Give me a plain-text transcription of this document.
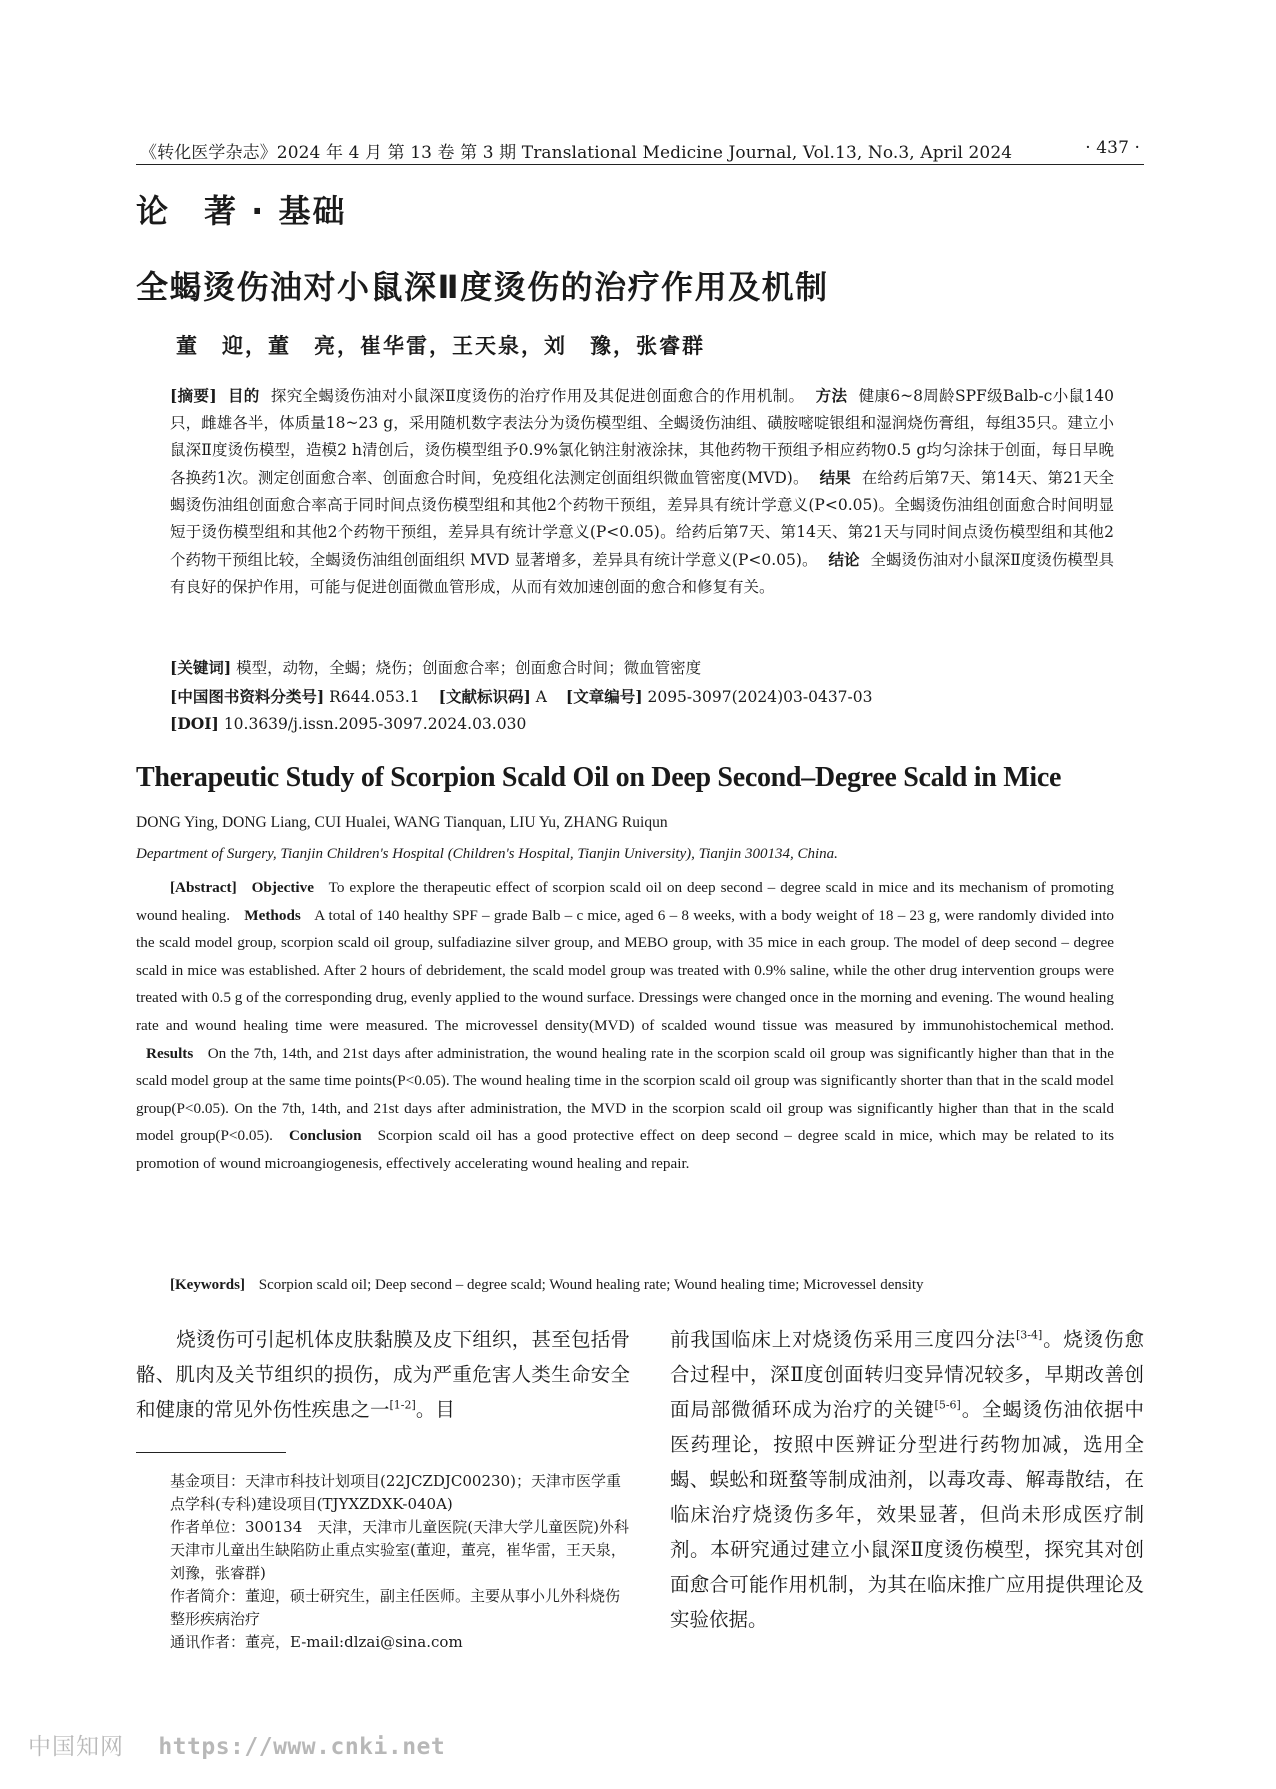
《转化医学杂志》2024 年 4 月 第 13 卷 第 3 期 Translational Medicine Journal, Vol.13, No.3, April 2024	· 437 ·
论　著 · 基础
全蝎烫伤油对小鼠深Ⅱ度烫伤的治疗作用及机制
董　迎，董　亮，崔华雷，王天泉，刘　豫，张睿群
[摘要] 目的 探究全蝎烫伤油对小鼠深Ⅱ度烫伤的治疗作用及其促进创面愈合的作用机制。 方法 健康6~8周龄SPF级Balb-c小鼠140只，雌雄各半，体质量18~23 g，采用随机数字表法分为烫伤模型组、全蝎烫伤油组、磺胺嘧啶银组和湿润烧伤膏组，每组35只。建立小鼠深Ⅱ度烫伤模型，造模2 h清创后，烫伤模型组予0.9%氯化钠注射液涂抹，其他药物干预组予相应药物0.5 g均匀涂抹于创面，每日早晚各换药1次。测定创面愈合率、创面愈合时间，免疫组化法测定创面组织微血管密度(MVD)。 结果 在给药后第7天、第14天、第21天全蝎烫伤油组创面愈合率高于同时间点烫伤模型组和其他2个药物干预组，差异具有统计学意义(P<0.05)。全蝎烫伤油组创面愈合时间明显短于烫伤模型组和其他2个药物干预组，差异具有统计学意义(P<0.05)。给药后第7天、第14天、第21天与同时间点烫伤模型组和其他2个药物干预组比较，全蝎烫伤油组创面组织 MVD 显著增多，差异具有统计学意义(P<0.05)。 结论 全蝎烫伤油对小鼠深Ⅱ度烫伤模型具有良好的保护作用，可能与促进创面微血管形成，从而有效加速创面的愈合和修复有关。
[关键词] 模型，动物，全蝎；烧伤；创面愈合率；创面愈合时间；微血管密度
[中国图书资料分类号] R644.053.1 [文献标识码] A [文章编号] 2095-3097(2024)03-0437-03
[DOI] 10.3639/j.issn.2095-3097.2024.03.030
Therapeutic Study of Scorpion Scald Oil on Deep Second–Degree Scald in Mice
DONG Ying, DONG Liang, CUI Hualei, WANG Tianquan, LIU Yu, ZHANG Ruiqun
Department of Surgery, Tianjin Children's Hospital (Children's Hospital, Tianjin University), Tianjin 300134, China.
[Abstract] Objective To explore the therapeutic effect of scorpion scald oil on deep second – degree scald in mice and its mechanism of promoting wound healing. Methods A total of 140 healthy SPF – grade Balb – c mice, aged 6 – 8 weeks, with a body weight of 18 – 23 g, were randomly divided into the scald model group, scorpion scald oil group, sulfadiazine silver group, and MEBO group, with 35 mice in each group. The model of deep second – degree scald in mice was established. After 2 hours of debridement, the scald model group was treated with 0.9% saline, while the other drug intervention groups were treated with 0.5 g of the corresponding drug, evenly applied to the wound surface. Dressings were changed once in the morning and evening. The wound healing rate and wound healing time were measured. The microvessel density(MVD) of scalded wound tissue was measured by immunohistochemical method. Results On the 7th, 14th, and 21st days after administration, the wound healing rate in the scorpion scald oil group was significantly higher than that in the scald model group at the same time points(P<0.05). The wound healing time in the scorpion scald oil group was significantly shorter than that in the scald model group(P<0.05). On the 7th, 14th, and 21st days after administration, the MVD in the scorpion scald oil group was significantly higher than that in the scald model group(P<0.05). Conclusion Scorpion scald oil has a good protective effect on deep second – degree scald in mice, which may be related to its promotion of wound microangiogenesis, effectively accelerating wound healing and repair.
[Keywords] Scorpion scald oil; Deep second – degree scald; Wound healing rate; Wound healing time; Microvessel density
烧烫伤可引起机体皮肤黏膜及皮下组织，甚至包括骨骼、肌肉及关节组织的损伤，成为严重危害人类生命安全和健康的常见外伤性疾患之一[1-2]。目

基金项目：天津市科技计划项目(22JCZDJC00230)；天津市医学重点学科(专科)建设项目(TJYXZDXK-040A)

作者单位：300134　天津，天津市儿童医院(天津大学儿童医院)外科　天津市儿童出生缺陷防止重点实验室(董迎，董亮，崔华雷，王天泉，刘豫，张睿群)

作者简介：董迎，硕士研究生，副主任医师。主要从事小儿外科烧伤整形疾病治疗

通讯作者：董亮，E-mail:dlzai@sina.com

前我国临床上对烧烫伤采用三度四分法[3-4]。烧烫伤愈合过程中，深Ⅱ度创面转归变异情况较多，早期改善创面局部微循环成为治疗的关键[5-6]。全蝎烫伤油依据中医药理论，按照中医辨证分型进行药物加减，选用全蝎、蜈蚣和斑蝥等制成油剂，以毒攻毒、解毒散结，在临床治疗烧烫伤多年，效果显著，但尚未形成医疗制剂。本研究通过建立小鼠深Ⅱ度烫伤模型，探究其对创面愈合可能作用机制，为其在临床推广应用提供理论及实验依据。
中国知网 https://www.cnki.net
